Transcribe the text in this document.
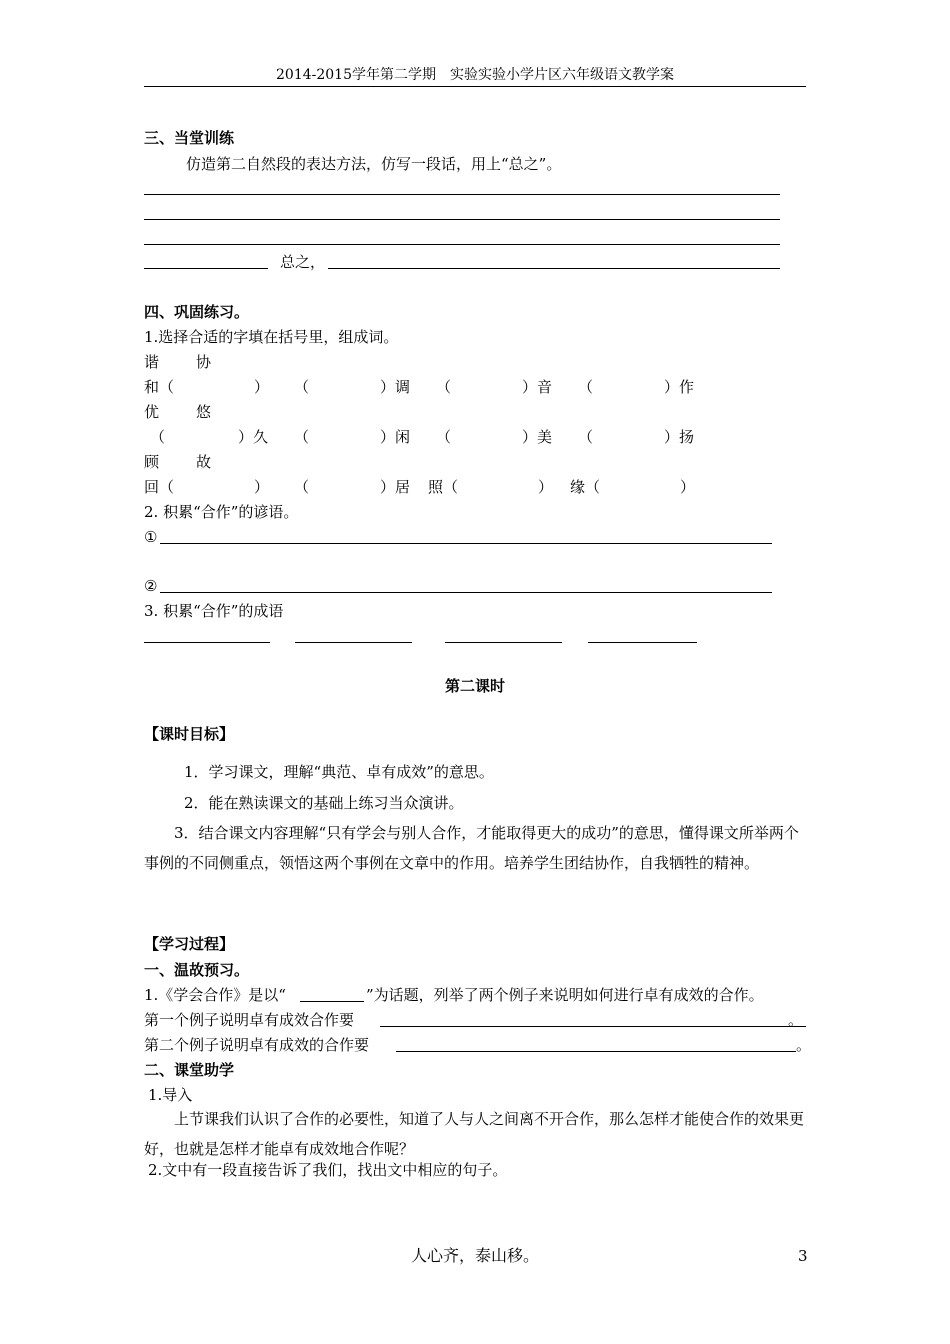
2014-2015学年第二学期　实验实验小学片区六年级语文教学案
三、当堂训练
仿造第二自然段的表达方法，仿写一段话，用上“总之”。
总之，
四、巩固练习。
1.选择合适的字填在括号里，组成词。
谐 协
和（	） （	）调 （	）音 （	）作
优 悠
（	）久 （	）闲 （	）美 （	）扬
顾 故
回（	） （	）居 照（	） 缘（	）
2. 积累“合作”的谚语。
①
②
3. 积累“合作”的成语
第二课时
【课时目标】
1．学习课文，理解“典范、卓有成效”的意思。
2．能在熟读课文的基础上练习当众演讲。
3．结合课文内容理解“只有学会与别人合作，才能取得更大的成功”的意思，懂得课文所举两个事例的不同侧重点，领悟这两个事例在文章中的作用。培养学生团结协作，自我牺牲的精神。
【学习过程】
一、温故预习。
1.《学会合作》是以“	”为话题，列举了两个例子来说明如何进行卓有成效的合作。
第一个例子说明卓有成效合作要	。
第二个例子说明卓有成效的合作要	。
二、课堂助学
1.导入
上节课我们认识了合作的必要性，知道了人与人之间离不开合作，那么怎样才能使合作的效果更好，也就是怎样才能卓有成效地合作呢？
2.文中有一段直接告诉了我们，找出文中相应的句子。
人心齐，泰山移。	3
